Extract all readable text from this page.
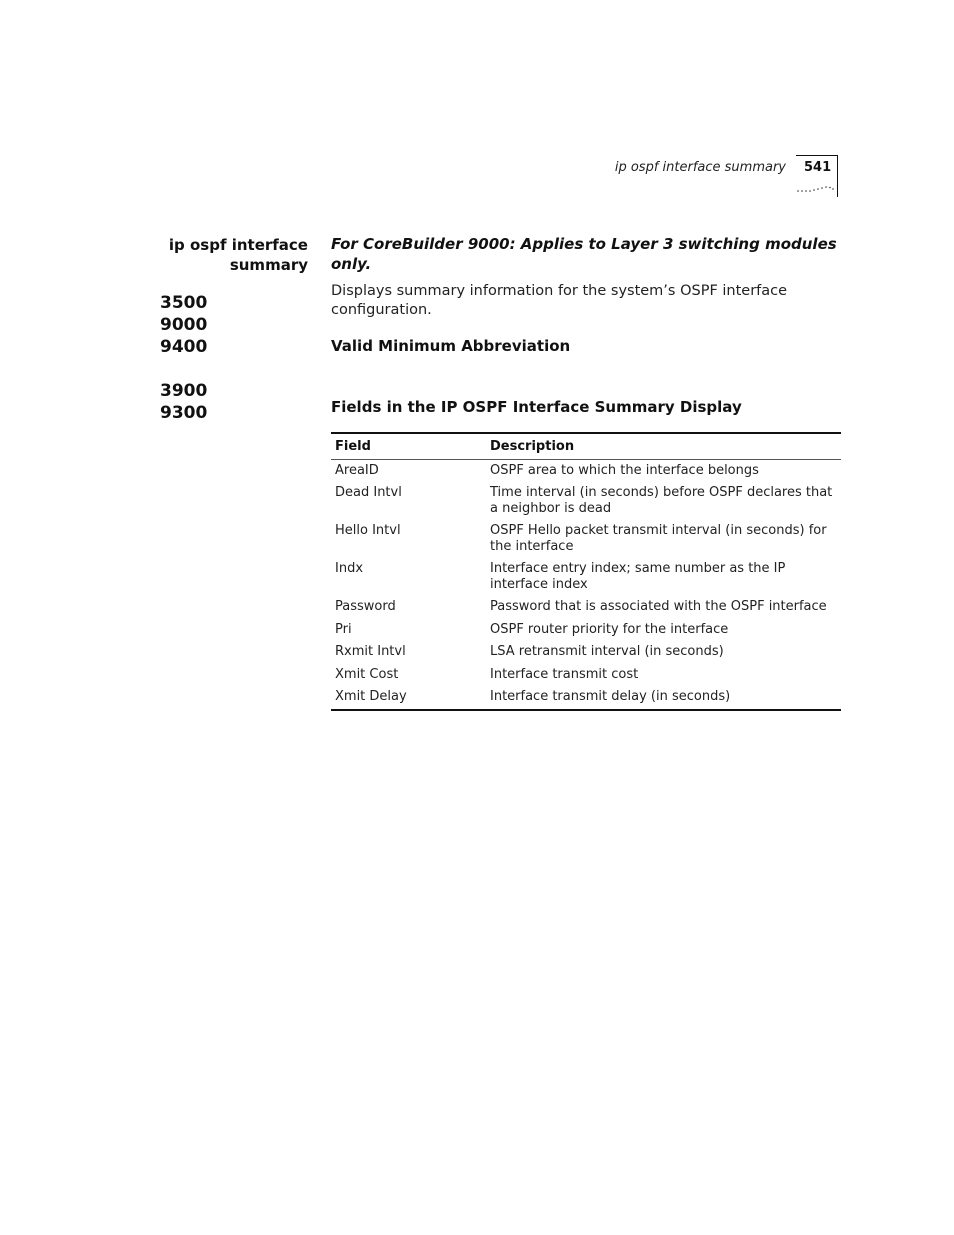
ip ospf interface summary 541
ip ospf interface
summary
3500
9000
9400
3900
9300

For CoreBuilder 9000: Applies to Layer 3 switching modules only.

Displays summary information for the system’s OSPF interface configuration.

Valid Minimum Abbreviation
Fields in the IP OSPF Interface Summary Display
Field	Description
AreaID	OSPF area to which the interface belongs
Dead Intvl	Time interval (in seconds) before OSPF declares that a neighbor is dead
Hello Intvl	OSPF Hello packet transmit interval (in seconds) for the interface
Indx	Interface entry index; same number as the IP interface index
Password	Password that is associated with the OSPF interface
Pri	OSPF router priority for the interface
Rxmit Intvl	LSA retransmit interval (in seconds)
Xmit Cost	Interface transmit cost
Xmit Delay	Interface transmit delay (in seconds)
